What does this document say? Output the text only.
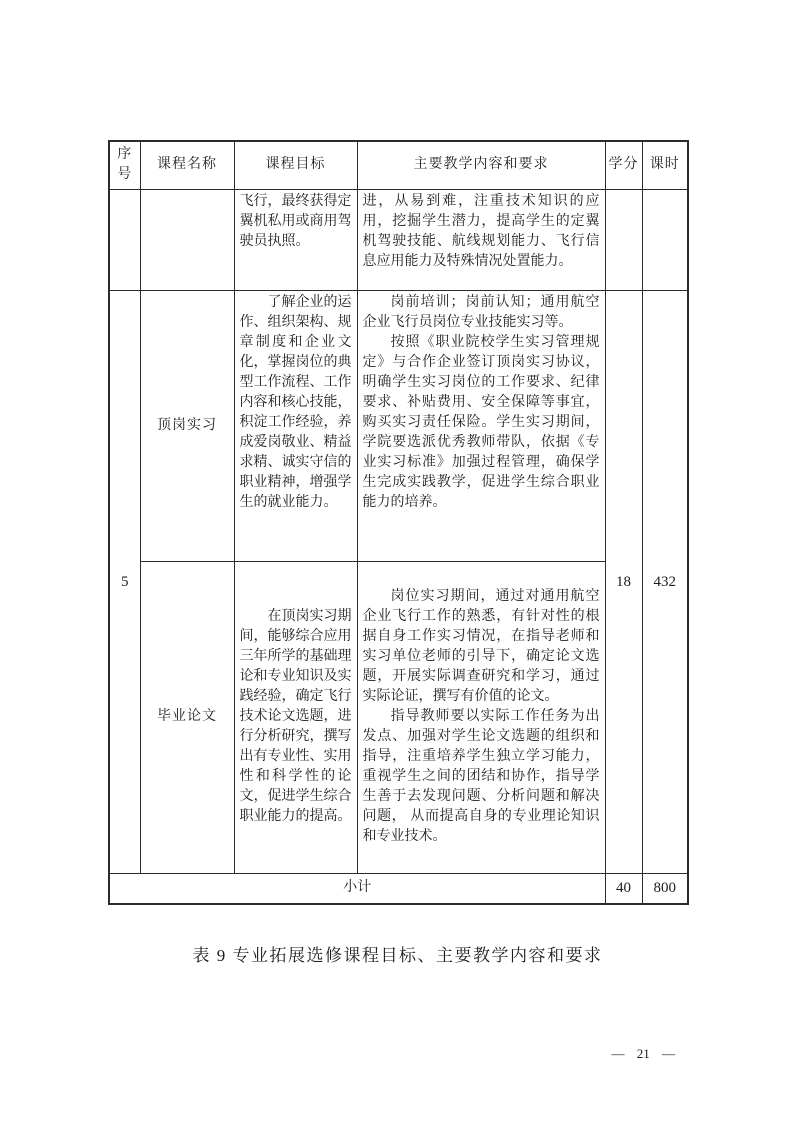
序号	课程名称	课程目标	主要教学内容和要求	学分	课时

		飞行，最终获得定翼机私用或商用驾驶员执照。	进，从易到难，注重技术知识的应用，挖掘学生潜力，提高学生的定翼机驾驶技能、航线规划能力、飞行信息应用能力及特殊情况处置能力。		

5	顶岗实习	了解企业的运作、组织架构、规章制度和企业文化，掌握岗位的典型工作流程、工作内容和核心技能，积淀工作经验，养成爱岗敬业、精益求精、诚实守信的职业精神，增强学生的就业能力。	岗前培训；岗前认知；通用航空企业飞行员岗位专业技能实习等。

按照《职业院校学生实习管理规定》与合作企业签订顶岗实习协议，明确学生实习岗位的工作要求、纪律要求、补贴费用、安全保障等事宜，购买实习责任保险。学生实习期间， 学院要选派优秀教师带队，依据《专业实习标准》加强过程管理，确保学生完成实践教学，促进学生综合职业能力的培养。	18	432
	毕业论文	在顶岗实习期间，能够综合应用三年所学的基础理论和专业知识及实践经验，确定飞行技术论文选题，进行分析研究，撰写出有专业性、实用性和科学性的论文，促进学生综合职业能力的提高。	岗位实习期间，通过对通用航空企业飞行工作的熟悉，有针对性的根据自身工作实习情况，在指导老师和实习单位老师的引导下，确定论文选题，开展实际调查研究和学习，通过实际论证，撰写有价值的论文。

指导教师要以实际工作任务为出发点、加强对学生论文选题的组织和指导，注重培养学生独立学习能力，重视学生之间的团结和协作，指导学生善于去发现问题、分析问题和解决问题， 从而提高自身的专业理论知识和专业技术。		

小计				40	800
表 9 专业拓展选修课程目标、主要教学内容和要求
— 21 —
